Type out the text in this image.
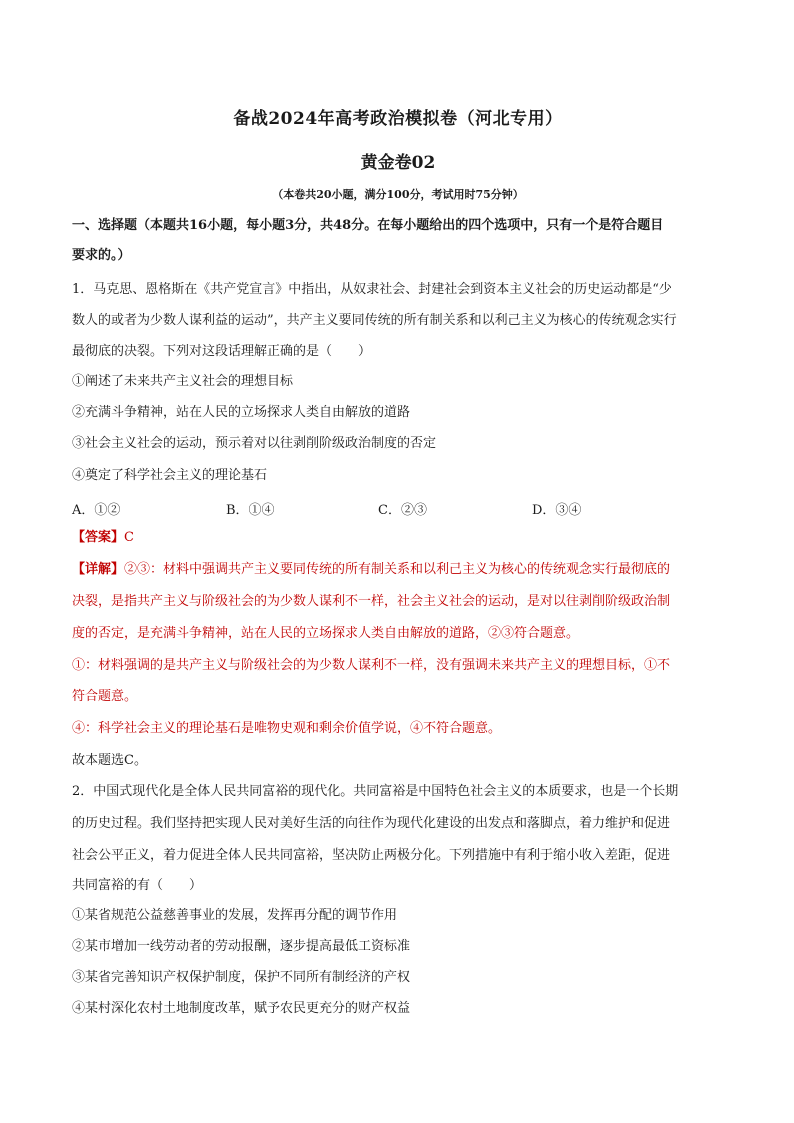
备战2024年高考政治模拟卷（河北专用）
黄金卷02
（本卷共20小题，满分100分，考试用时75分钟）
一、选择题（本题共16小题，每小题3分，共48分。在每小题给出的四个选项中，只有一个是符合题目
要求的。）
1．马克思、恩格斯在《共产党宣言》中指出，从奴隶社会、封建社会到资本主义社会的历史运动都是“少
数人的或者为少数人谋利益的运动”，共产主义要同传统的所有制关系和以利己主义为核心的传统观念实行
最彻底的决裂。下列对这段话理解正确的是（　　）
①阐述了未来共产主义社会的理想目标
②充满斗争精神，站在人民的立场探求人类自由解放的道路
③社会主义社会的运动，预示着对以往剥削阶级政治制度的否定
④奠定了科学社会主义的理论基石
A．①②	B．①④	C．②③	D．③④
【答案】C
【详解】②③：材料中强调共产主义要同传统的所有制关系和以利己主义为核心的传统观念实行最彻底的
决裂，是指共产主义与阶级社会的为少数人谋利不一样，社会主义社会的运动，是对以往剥削阶级政治制
度的否定，是充满斗争精神，站在人民的立场探求人类自由解放的道路，②③符合题意。
①：材料强调的是共产主义与阶级社会的为少数人谋利不一样，没有强调未来共产主义的理想目标，①不
符合题意。
④：科学社会主义的理论基石是唯物史观和剩余价值学说，④不符合题意。
故本题选C。
2．中国式现代化是全体人民共同富裕的现代化。共同富裕是中国特色社会主义的本质要求，也是一个长期
的历史过程。我们坚持把实现人民对美好生活的向往作为现代化建设的出发点和落脚点，着力维护和促进
社会公平正义，着力促进全体人民共同富裕，坚决防止两极分化。下列措施中有利于缩小收入差距，促进
共同富裕的有（　　）
①某省规范公益慈善事业的发展，发挥再分配的调节作用
②某市增加一线劳动者的劳动报酬，逐步提高最低工资标准
③某省完善知识产权保护制度，保护不同所有制经济的产权
④某村深化农村土地制度改革，赋予农民更充分的财产权益
